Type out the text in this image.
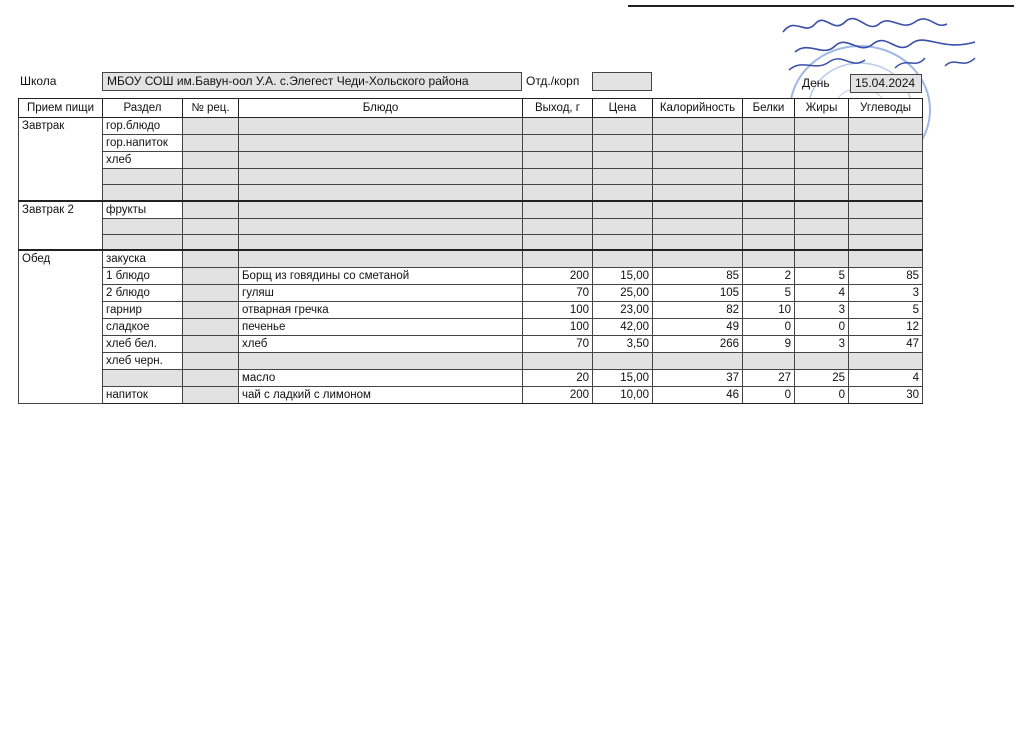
Школа	МБОУ СОШ им.Бавун-оол У.А. с.Элегест Чеди-Хольского района	Отд./корп	День	15.04.2024
Прием пищи	Раздел	№ рец.	Блюдо	Выход, г	Цена	Калорийность	Белки	Жиры	Углеводы
Завтрак	гор.блюдо								
	гор.напиток								
	хлеб								

Завтрак 2	фрукты								

Обед	закуска								
	1 блюдо		Борщ из говядины со сметаной	200	15,00	85	2	5	85
	2 блюдо		гуляш	70	25,00	105	5	4	3
	гарнир		отварная гречка	100	23,00	82	10	3	5
	сладкое		печенье	100	42,00	49	0	0	12
	хлеб бел.		хлеб	70	3,50	266	9	3	47
	хлеб черн.								
			масло	20	15,00	37	27	25	4
	напиток		чай с ладкий с лимоном	200	10,00	46	0	0	30
